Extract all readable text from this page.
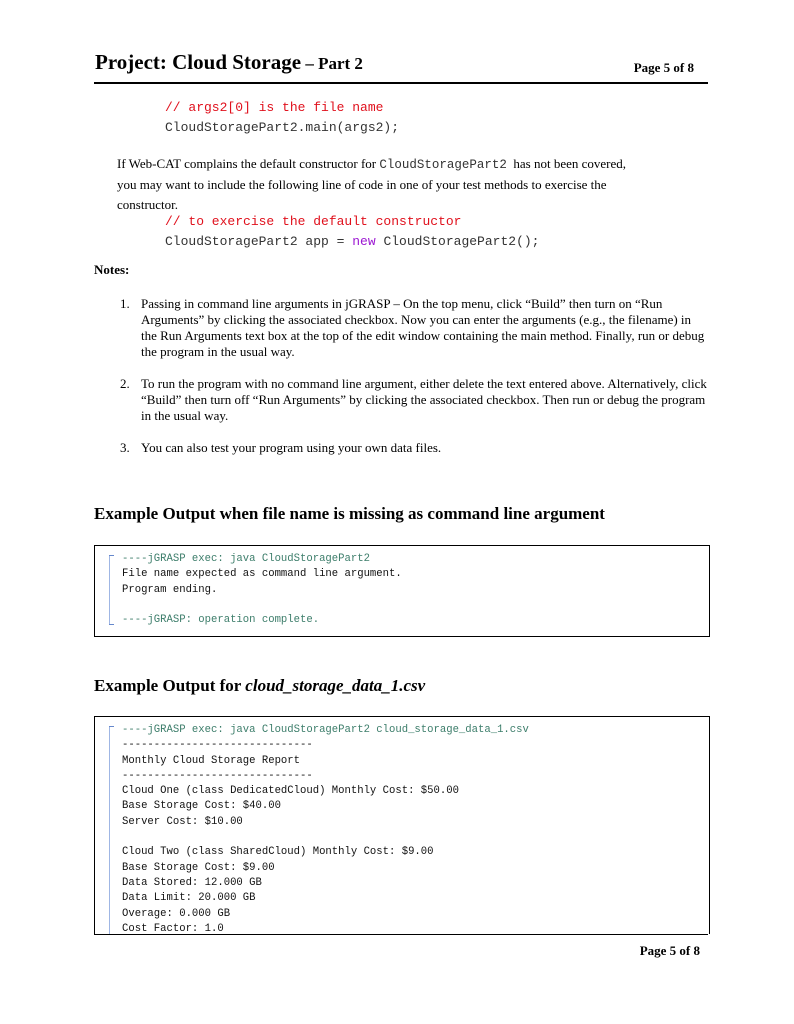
Project: Cloud Storage – Part 2	Page 5 of 8
// args2[0] is the file name
CloudStoragePart2.main(args2);
If Web-CAT complains the default constructor for CloudStoragePart2  has not been covered,
you may want to include the following line of code in one of your test methods to exercise the
constructor.
// to exercise the default constructor
CloudStoragePart2 app = new CloudStoragePart2();
Notes:
1. Passing in command line arguments in jGRASP – On the top menu, click “Build” then turn on “Run Arguments” by clicking the associated checkbox. Now you can enter the arguments (e.g., the filename) in the Run Arguments text box at the top of the edit window containing the main method. Finally, run or debug the program in the usual way.
2. To run the program with no command line argument, either delete the text entered above. Alternatively, click “Build” then turn off “Run Arguments” by clicking the associated checkbox. Then run or debug the program in the usual way.
3. You can also test your program using your own data files.
Example Output when file name is missing as command line argument
----jGRASP exec: java CloudStoragePart2
File name expected as command line argument.
Program ending.

----jGRASP: operation complete.
Example Output for cloud_storage_data_1.csv
----jGRASP exec: java CloudStoragePart2 cloud_storage_data_1.csv
------------------------------
Monthly Cloud Storage Report
------------------------------
Cloud One (class DedicatedCloud) Monthly Cost: $50.00
Base Storage Cost: $40.00
Server Cost: $10.00

Cloud Two (class SharedCloud) Monthly Cost: $9.00
Base Storage Cost: $9.00
Data Stored: 12.000 GB
Data Limit: 20.000 GB
Overage: 0.000 GB
Cost Factor: 1.0
Page 5 of 8
